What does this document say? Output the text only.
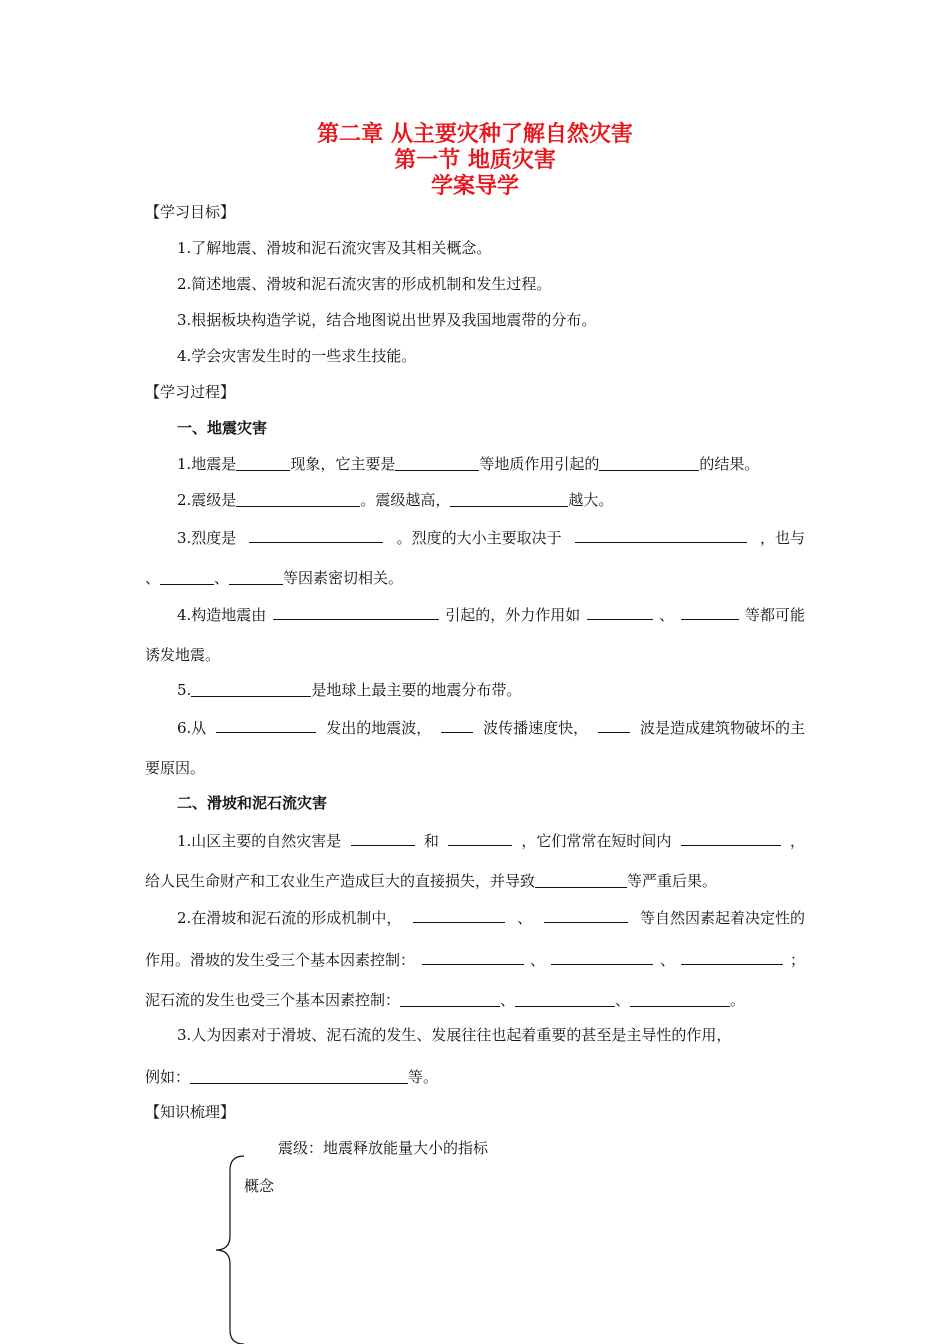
第二章 从主要灾种了解自然灾害
第一节 地质灾害
学案导学
【学习目标】
1.了解地震、滑坡和泥石流灾害及其相关概念。
2.简述地震、滑坡和泥石流灾害的形成机制和发生过程。
3.根据板块构造学说，结合地图说出世界及我国地震带的分布。
4.学会灾害发生时的一些求生技能。
【学习过程】
一、地震灾害
1.地震是	现象，它主要是	等地质作用引起的	的结果。
2.震级是	。震级越高，	越大。
3.烈度是	。烈度的大小主要取决于	，也与
、	、	等因素密切相关。
4.构造地震由	引起的，外力作用如	、	等都可能
诱发地震。
5.	是地球上最主要的地震分布带。
6.从	发出的地震波，	波传播速度快，	波是造成建筑物破坏的主
要原因。
二、滑坡和泥石流灾害
1.山区主要的自然灾害是	和	，它们常常在短时间内	，
给人民生命财产和工农业生产造成巨大的直接损失，并导致	等严重后果。
2.在滑坡和泥石流的形成机制中，	、	等自然因素起着决定性的
作用。滑坡的发生受三个基本因素控制：	、	、	；
泥石流的发生也受三个基本因素控制：	、	、	。
3.人为因素对于滑坡、泥石流的发生、发展往往也起着重要的甚至是主导性的作用，
例如：	等。
【知识梳理】
震级：地震释放能量大小的指标
概念
